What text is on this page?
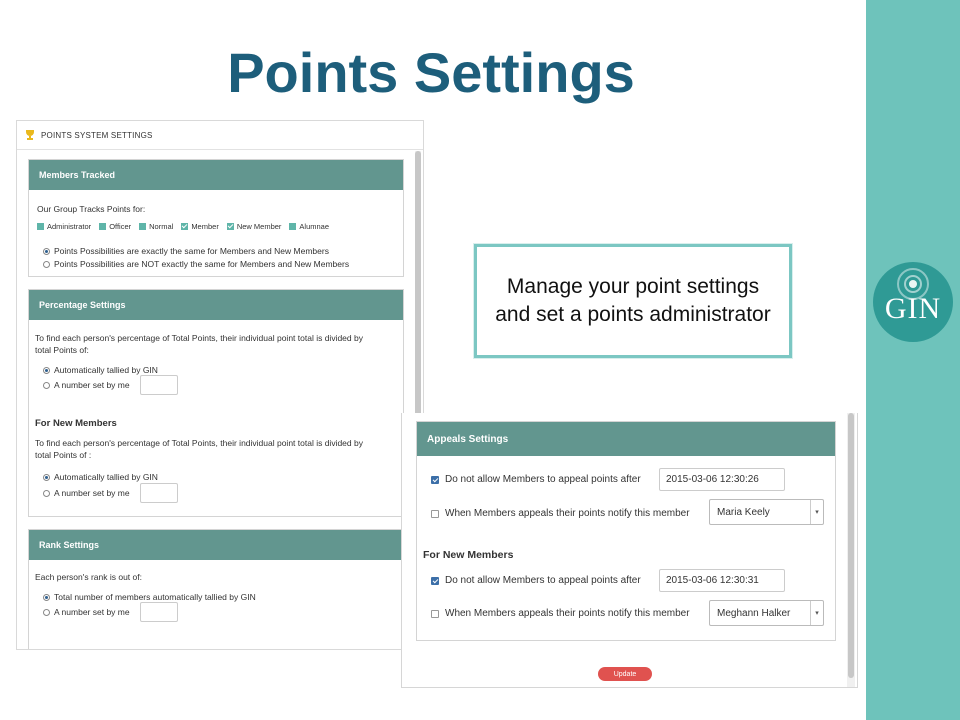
GIN
Points Settings
Manage your point settings and set a points administrator
POINTS SYSTEM SETTINGS
Members Tracked
Our Group Tracks Points for:
Administrator Officer Normal Member New Member Alumnae
Points Possibilities are exactly the same for Members and New Members
Points Possibilities are NOT exactly the same for Members and New Members
Percentage Settings
To find each person's percentage of Total Points, their individual point total is divided by
total Points of:
Automatically tallied by GIN
A number set by me
For New Members
To find each person's percentage of Total Points, their individual point total is divided by
total Points of :
Automatically tallied by GIN
A number set by me
Rank Settings
Each person's rank is out of:
Total number of members automatically tallied by GIN
A number set by me
Appeals Settings
Do not allow Members to appeal points after	2015-03-06 12:30:26
When Members appeals their points notify this member	Maria Keely	▾
For New Members
Do not allow Members to appeal points after	2015-03-06 12:30:31
When Members appeals their points notify this member	Meghann Halker	▾
Update
